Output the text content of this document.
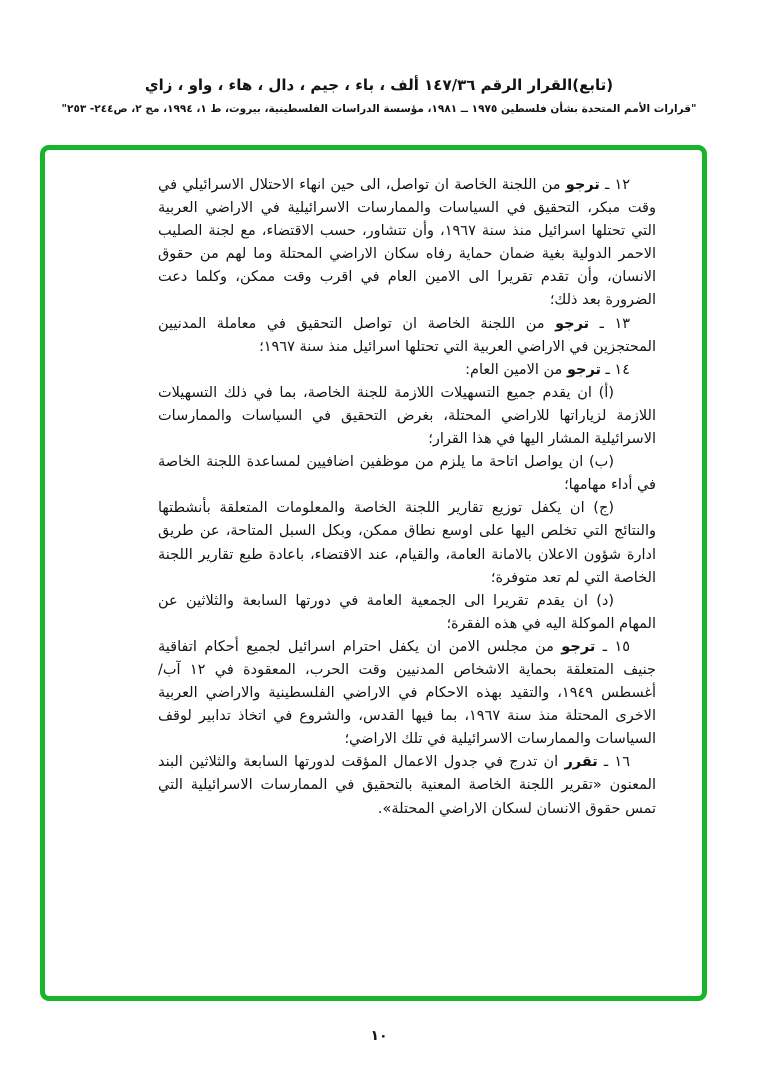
(تابع)القرار الرقم ١٤٧/٣٦ ألف ، باء ، جيم ، دال ، هاء ، واو ، زاي
"قرارات الأمم المتحدة بشأن فلسطين ١٩٧٥ ــ ١٩٨١، مؤسسة الدراسات الفلسطينية، بيروت، ط ١، ١٩٩٤، مج ٢، ص٢٤٤- ٢٥٣"

١٢ ـ ترجو من اللجنة الخاصة ان تواصل، الى حين انهاء الاحتلال الاسرائيلي في وقت مبكر، التحقيق في السياسات والممارسات الاسرائيلية في الاراضي العربية التي تحتلها اسرائيل منذ سنة ١٩٦٧، وأن تتشاور، حسب الاقتضاء، مع لجنة الصليب الاحمر الدولية بغية ضمان حماية رفاه سكان الاراضي المحتلة وما لهم من حقوق الانسان، وأن تقدم تقريرا الى الامين العام في اقرب وقت ممكن، وكلما دعت الضرورة بعد ذلك؛

١٣ ـ ترجو من اللجنة الخاصة ان تواصل التحقيق في معاملة المدنيين المحتجزين في الاراضي العربية التي تحتلها اسرائيل منذ سنة ١٩٦٧؛

١٤ ـ ترجو من الامين العام:

(أ) ان يقدم جميع التسهيلات اللازمة للجنة الخاصة، بما في ذلك التسهيلات اللازمة لزياراتها للاراضي المحتلة، بغرض التحقيق في السياسات والممارسات الاسرائيلية المشار اليها في هذا القرار؛

(ب) ان يواصل اتاحة ما يلزم من موظفين اضافيين لمساعدة اللجنة الخاصة في أداء مهامها؛

(ج) ان يكفل توزيع تقارير اللجنة الخاصة والمعلومات المتعلقة بأنشطتها والنتائج التي تخلص اليها على اوسع نطاق ممكن، وبكل السبل المتاحة، عن طريق ادارة شؤون الاعلان بالامانة العامة، والقيام، عند الاقتضاء، باعادة طبع تقارير اللجنة الخاصة التي لم تعد متوفرة؛

(د) ان يقدم تقريرا الى الجمعية العامة في دورتها السابعة والثلاثين عن المهام الموكلة اليه في هذه الفقرة؛

١٥ ـ ترجو من مجلس الامن ان يكفل احترام اسرائيل لجميع أحكام اتفاقية جنيف المتعلقة بحماية الاشخاص المدنيين وقت الحرب، المعقودة في ١٢ آب/أغسطس ١٩٤٩، والتقيد بهذه الاحكام في الاراضي الفلسطينية والاراضي العربية الاخرى المحتلة منذ سنة ١٩٦٧، بما فيها القدس، والشروع في اتخاذ تدابير لوقف السياسات والممارسات الاسرائيلية في تلك الاراضي؛

١٦ ـ تقرر ان تدرج في جدول الاعمال المؤقت لدورتها السابعة والثلاثين البند المعنون «تقرير اللجنة الخاصة المعنية بالتحقيق في الممارسات الاسرائيلية التي تمس حقوق الانسان لسكان الاراضي المحتلة».

١٠
